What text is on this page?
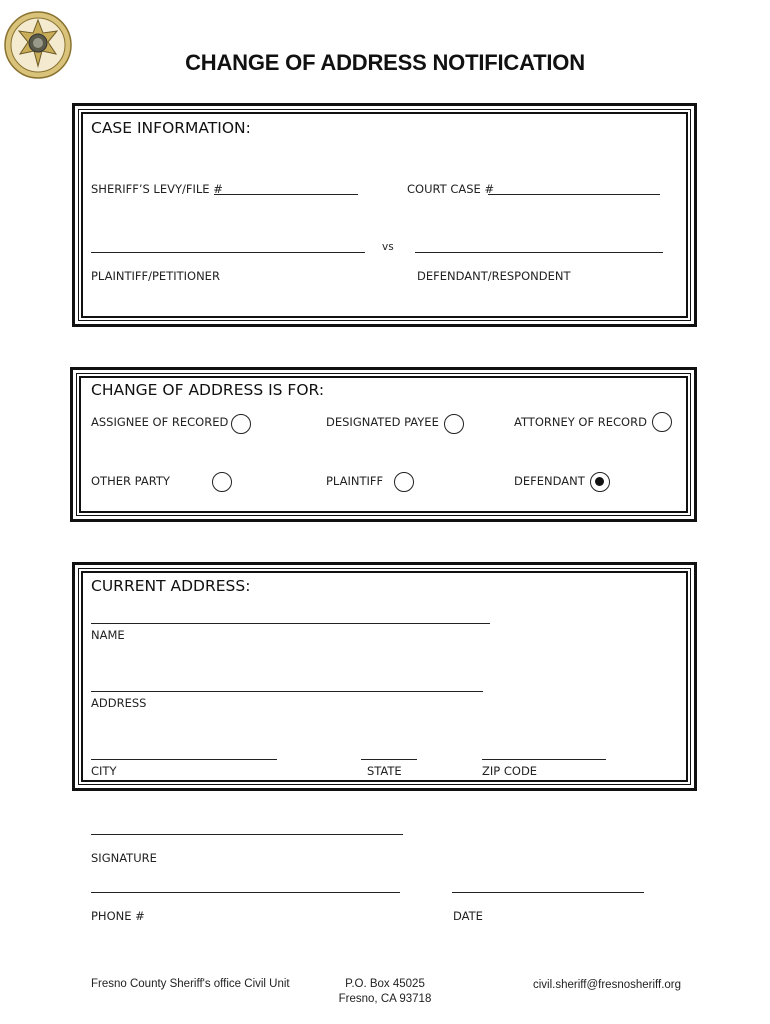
CHANGE OF ADDRESS NOTIFICATION
CASE INFORMATION:
SHERIFF’S LEVY/FILE #	COURT CASE #
vs
PLAINTIFF/PETITIONER	DEFENDANT/RESPONDENT
CHANGE OF ADDRESS IS FOR:
ASSIGNEE OF RECORED	DESIGNATED PAYEE	ATTORNEY OF RECORD
OTHER PARTY	PLAINTIFF	DEFENDANT
CURRENT ADDRESS:
NAME
ADDRESS
CITY	STATE	ZIP CODE
SIGNATURE
PHONE #	DATE
Fresno County Sheriff's office Civil Unit	P.O. Box 45025
Fresno, CA 93718
civil.sheriff@fresnosheriff.org
